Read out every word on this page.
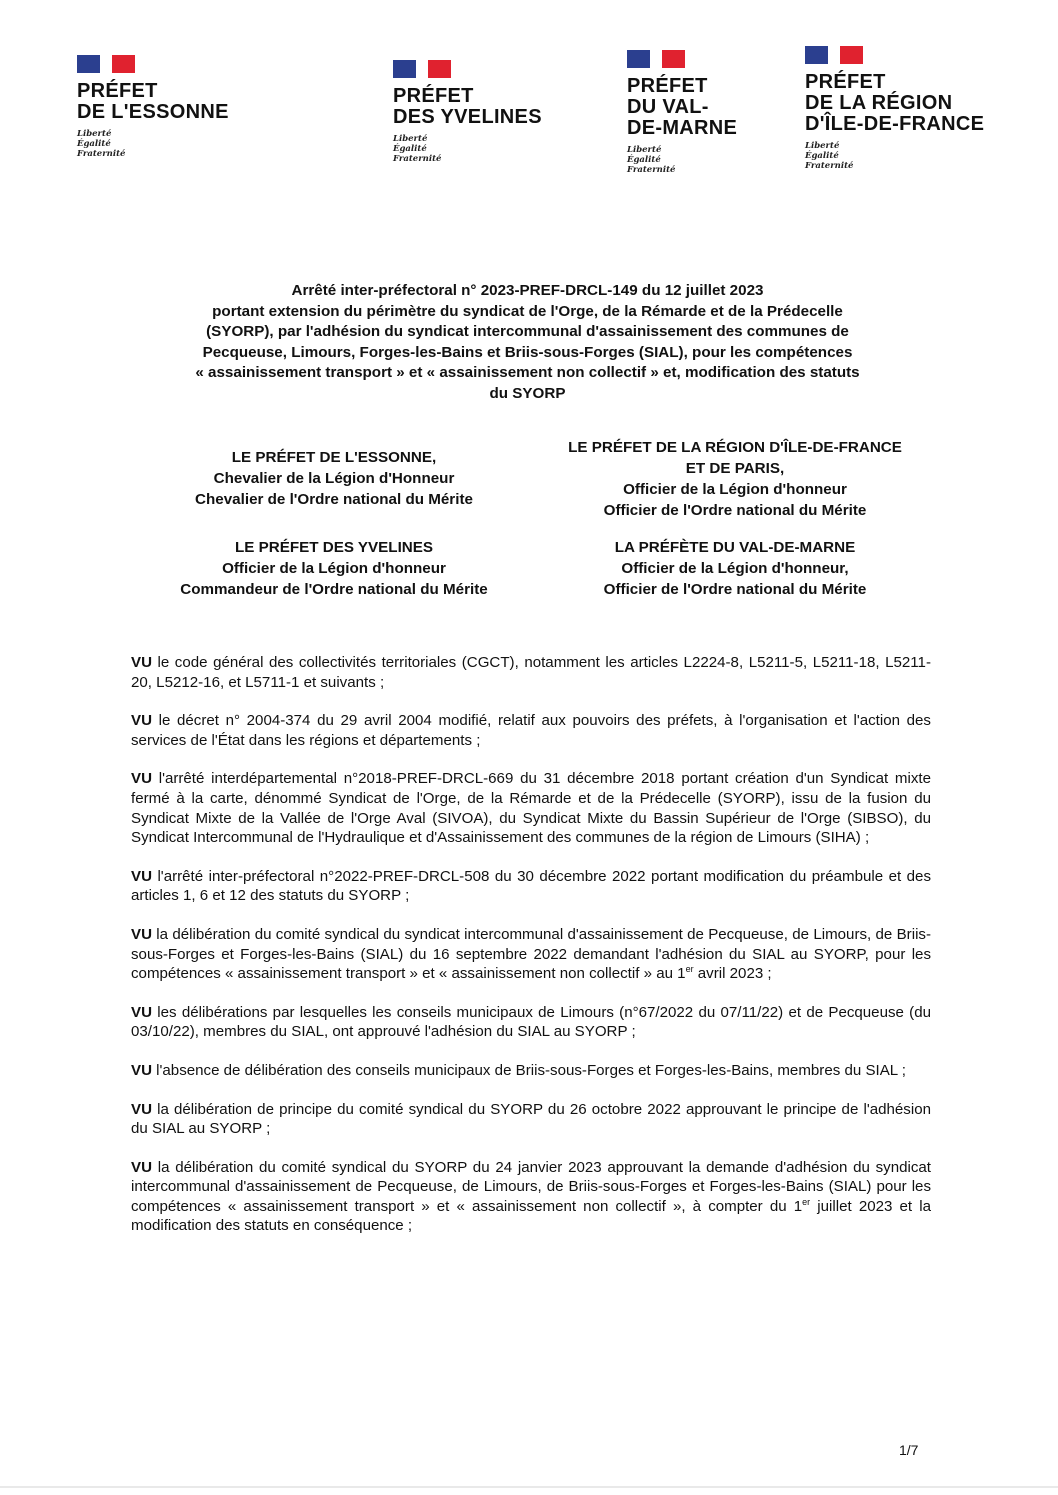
PRÉFET
DE L'ESSONNE
Liberté
Égalité
Fraternité
PRÉFET
DES YVELINES
Liberté
Égalité
Fraternité
PRÉFET
DU VAL-
DE-MARNE
Liberté
Égalité
Fraternité
PRÉFET
DE LA RÉGION
D'ÎLE-DE-FRANCE
Liberté
Égalité
Fraternité
Arrêté inter-préfectoral n° 2023-PREF-DRCL-149 du 12 juillet 2023
portant extension du périmètre du syndicat de l'Orge, de la Rémarde et de la Prédecelle
(SYORP), par l'adhésion du syndicat intercommunal d'assainissement des communes de
Pecqueuse, Limours, Forges-les-Bains et Briis-sous-Forges (SIAL), pour les compétences
« assainissement transport » et « assainissement non collectif » et, modification des statuts
du SYORP
LE PRÉFET DE L'ESSONNE,
Chevalier de la Légion d'Honneur
Chevalier de l'Ordre national du Mérite
LE PRÉFET DE LA RÉGION D'ÎLE-DE-FRANCE
ET DE PARIS,
Officier de la Légion d'honneur
Officier de l'Ordre national du Mérite
LE PRÉFET DES YVELINES
Officier de la Légion d'honneur
Commandeur de l'Ordre national du Mérite
LA PRÉFÈTE DU VAL-DE-MARNE
Officier de la Légion d'honneur,
Officier de l'Ordre national du Mérite

VU le code général des collectivités territoriales (CGCT), notamment les articles L2224-8, L5211-5, L5211-18, L5211-20, L5212-16, et L5711-1 et suivants ;

VU le décret n° 2004-374 du 29 avril 2004 modifié, relatif aux pouvoirs des préfets, à l'organisation et l'action des services de l'État dans les régions et départements ;

VU l'arrêté interdépartemental n°2018-PREF-DRCL-669 du 31 décembre 2018 portant création d'un Syndicat mixte fermé à la carte, dénommé Syndicat de l'Orge, de la Rémarde et de la Prédecelle (SYORP), issu de la fusion du Syndicat Mixte de la Vallée de l'Orge Aval (SIVOA), du Syndicat Mixte du Bassin Supérieur de l'Orge (SIBSO), du Syndicat Intercommunal de l'Hydraulique et d'Assainissement des communes de la région de Limours (SIHA) ;

VU l'arrêté inter-préfectoral n°2022-PREF-DRCL-508 du 30 décembre 2022 portant modification du préambule et des articles 1, 6 et 12 des statuts du SYORP ;

VU la délibération du comité syndical du syndicat intercommunal d'assainissement de Pecqueuse, de Limours, de Briis-sous-Forges et Forges-les-Bains (SIAL) du 16 septembre 2022 demandant l'adhésion du SIAL au SYORP, pour les compétences « assainissement transport » et « assainissement non collectif » au 1er avril 2023 ;

VU les délibérations par lesquelles les conseils municipaux de Limours (n°67/2022 du 07/11/22) et de Pecqueuse (du 03/10/22), membres du SIAL, ont approuvé l'adhésion du SIAL au SYORP ;

VU l'absence de délibération des conseils municipaux de Briis-sous-Forges et Forges-les-Bains, membres du SIAL ;

VU la délibération de principe du comité syndical du SYORP du 26 octobre 2022 approuvant le principe de l'adhésion du SIAL au SYORP ;

VU la délibération du comité syndical du SYORP du 24 janvier 2023 approuvant la demande d'adhésion du syndicat intercommunal d'assainissement de Pecqueuse, de Limours, de Briis-sous-Forges et Forges-les-Bains (SIAL) pour les compétences « assainissement transport » et « assainissement non collectif », à compter du 1er juillet 2023 et la modification des statuts en conséquence ;

1/7
